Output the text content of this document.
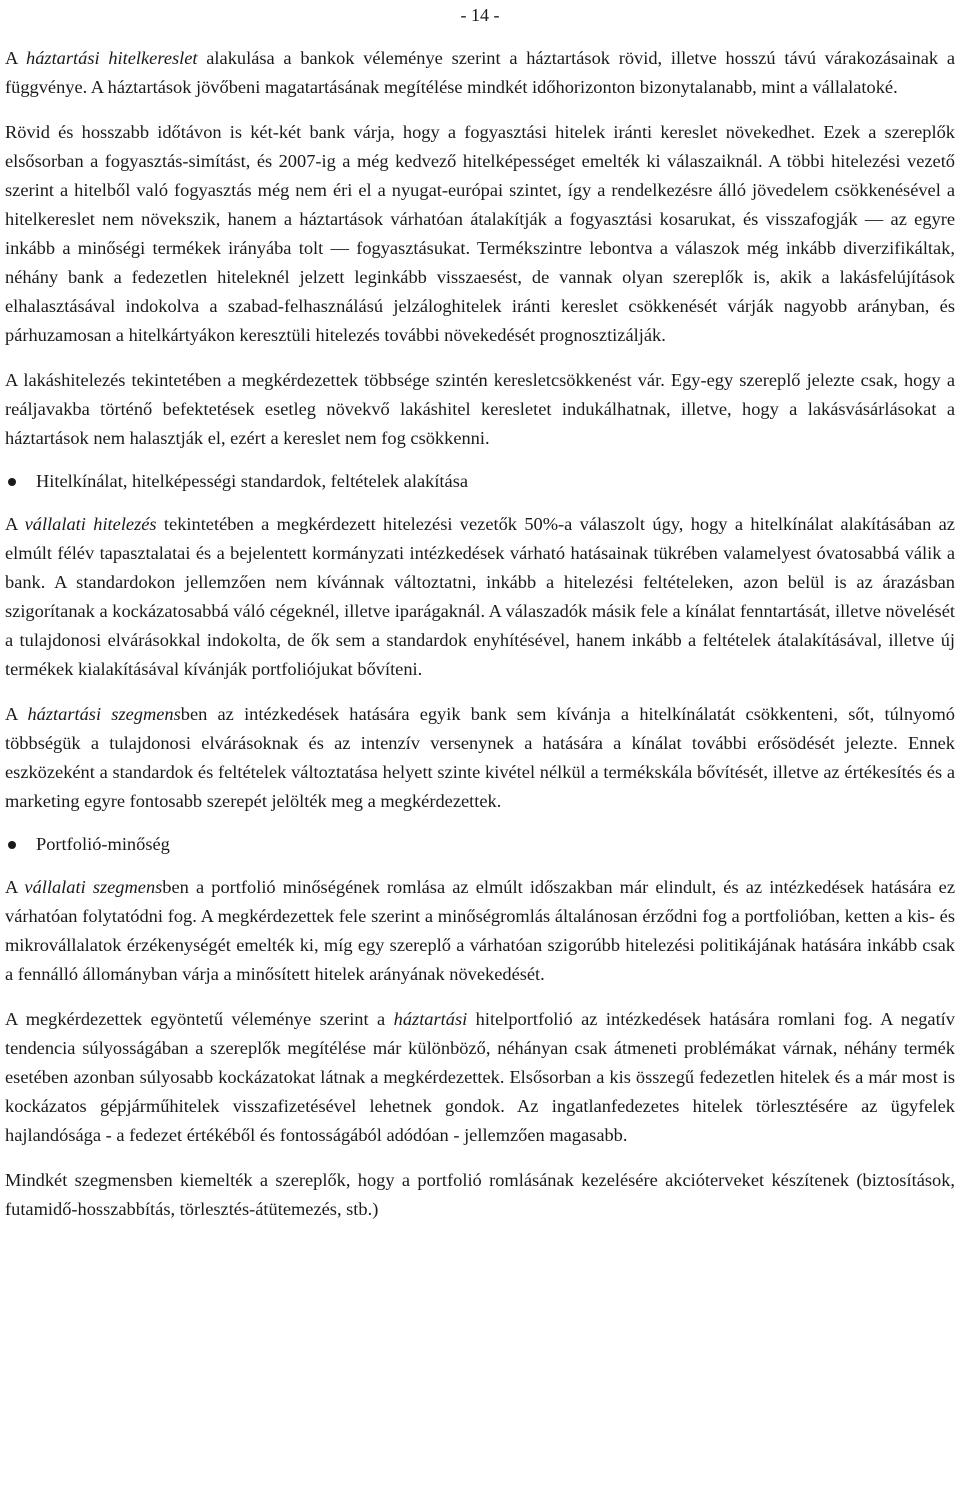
- 14 -

A háztartási hitelkereslet alakulása a bankok véleménye szerint a háztartások rövid, illetve hosszú távú várakozásainak a függvénye. A háztartások jövőbeni magatartásának megítélése mindkét időhorizonton bizonytalanabb, mint a vállalatoké.

Rövid és hosszabb időtávon is két-két bank várja, hogy a fogyasztási hitelek iránti kereslet növekedhet. Ezek a szereplők elsősorban a fogyasztás-simítást, és 2007-ig a még kedvező hitelképességet emelték ki válaszaiknál. A többi hitelezési vezető szerint a hitelből való fogyasztás még nem éri el a nyugat-európai szintet, így a rendelkezésre álló jövedelem csökkenésével a hitelkereslet nem növekszik, hanem a háztartások várhatóan átalakítják a fogyasztási kosarukat, és visszafogják — az egyre inkább a minőségi termékek irányába tolt — fogyasztásukat. Termékszintre lebontva a válaszok még inkább diverzifikáltak, néhány bank a fedezetlen hiteleknél jelzett leginkább visszaesést, de vannak olyan szereplők is, akik a lakásfelújítások elhalasztásával indokolva a szabad-felhasználású jelzáloghitelek iránti kereslet csökkenését várják nagyobb arányban, és párhuzamosan a hitelkártyákon keresztüli hitelezés további növekedését prognosztizálják.

A lakáshitelezés tekintetében a megkérdezettek többsége szintén keresletcsökkenést vár. Egy-egy szereplő jelezte csak, hogy a reáljavakba történő befektetések esetleg növekvő lakáshitel keresletet indukálhatnak, illetve, hogy a lakásvásárlásokat a háztartások nem halasztják el, ezért a kereslet nem fog csökkenni.

Hitelkínálat, hitelképességi standardok, feltételek alakítása

A vállalati hitelezés tekintetében a megkérdezett hitelezési vezetők 50%-a válaszolt úgy, hogy a hitelkínálat alakításában az elmúlt félév tapasztalatai és a bejelentett kormányzati intézkedések várható hatásainak tükrében valamelyest óvatosabbá válik a bank. A standardokon jellemzően nem kívánnak változtatni, inkább a hitelezési feltételeken, azon belül is az árazásban szigorítanak a kockázatosabbá váló cégeknél, illetve iparágaknál. A válaszadók másik fele a kínálat fenntartását, illetve növelését a tulajdonosi elvárásokkal indokolta, de ők sem a standardok enyhítésével, hanem inkább a feltételek átalakításával, illetve új termékek kialakításával kívánják portfoliójukat bővíteni.

A háztartási szegmensben az intézkedések hatására egyik bank sem kívánja a hitelkínálatát csökkenteni, sőt, túlnyomó többségük a tulajdonosi elvárásoknak és az intenzív versenynek a hatására a kínálat további erősödését jelezte. Ennek eszközeként a standardok és feltételek változtatása helyett szinte kivétel nélkül a termékskála bővítését, illetve az értékesítés és a marketing egyre fontosabb szerepét jelölték meg a megkérdezettek.

Portfolió-minőség

A vállalati szegmensben a portfolió minőségének romlása az elmúlt időszakban már elindult, és az intézkedések hatására ez várhatóan folytatódni fog. A megkérdezettek fele szerint a minőségromlás általánosan érződni fog a portfolióban, ketten a kis- és mikrovállalatok érzékenységét emelték ki, míg egy szereplő a várhatóan szigorúbb hitelezési politikájának hatására inkább csak a fennálló állományban várja a minősített hitelek arányának növekedését.

A megkérdezettek egyöntetű véleménye szerint a háztartási hitelportfolió az intézkedések hatására romlani fog. A negatív tendencia súlyosságában a szereplők megítélése már különböző, néhányan csak átmeneti problémákat várnak, néhány termék esetében azonban súlyosabb kockázatokat látnak a megkérdezettek. Elsősorban a kis összegű fedezetlen hitelek és a már most is kockázatos gépjárműhitelek visszafizetésével lehetnek gondok. Az ingatlanfedezetes hitelek törlesztésére az ügyfelek hajlandósága - a fedezet értékéből és fontosságából adódóan - jellemzően magasabb.

Mindkét szegmensben kiemelték a szereplők, hogy a portfolió romlásának kezelésére akcióterveket készítenek (biztosítások, futamidő-hosszabbítás, törlesztés-átütemezés, stb.)
